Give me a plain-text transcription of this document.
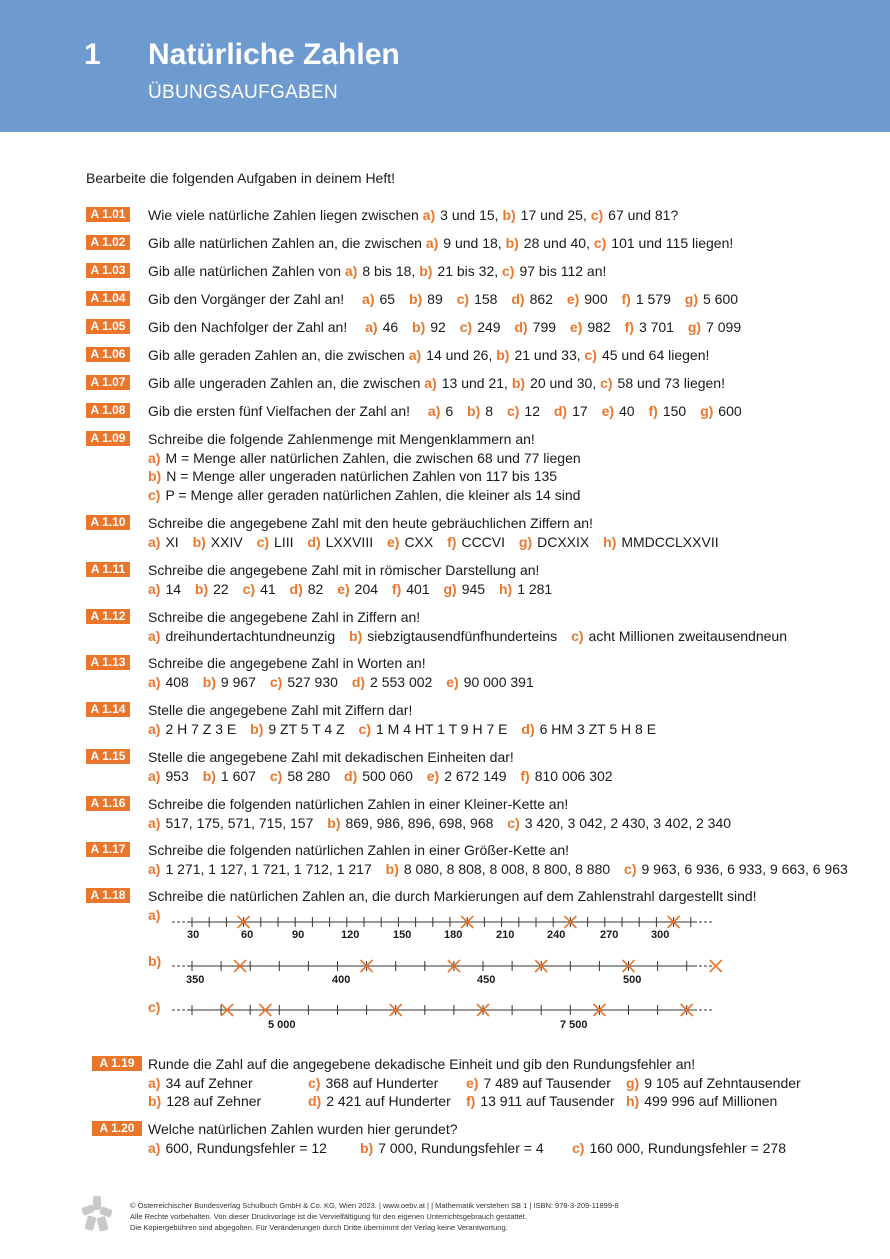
1 Natürliche Zahlen
ÜBUNGSAUFGABEN
Bearbeite die folgenden Aufgaben in deinem Heft!
A 1.01	Wie viele natürliche Zahlen liegen zwischen a) 3 und 15, b) 17 und 25, c) 67 und 81?
A 1.02	Gib alle natürlichen Zahlen an, die zwischen a) 9 und 18, b) 28 und 40, c) 101 und 115 liegen!
A 1.03	Gib alle natürlichen Zahlen von a) 8 bis 18, b) 21 bis 32, c) 97 bis 112 an!
A 1.04	Gib den Vorgänger der Zahl an! a) 65 b) 89 c) 158 d) 862 e) 900 f) 1 579 g) 5 600
A 1.05	Gib den Nachfolger der Zahl an! a) 46 b) 92 c) 249 d) 799 e) 982 f) 3 701 g) 7 099
A 1.06	Gib alle geraden Zahlen an, die zwischen a) 14 und 26, b) 21 und 33, c) 45 und 64 liegen!
A 1.07	Gib alle ungeraden Zahlen an, die zwischen a) 13 und 21, b) 20 und 30, c) 58 und 73 liegen!
A 1.08	Gib die ersten fünf Vielfachen der Zahl an! a) 6 b) 8 c) 12 d) 17 e) 40 f) 150 g) 600
A 1.09	Schreibe die folgende Zahlenmenge mit Mengenklammern an!
a) M = Menge aller natürlichen Zahlen, die zwischen 68 und 77 liegen
b) N = Menge aller ungeraden natürlichen Zahlen von 117 bis 135
c) P = Menge aller geraden natürlichen Zahlen, die kleiner als 14 sind
A 1.10	Schreibe die angegebene Zahl mit den heute gebräuchlichen Ziffern an!
a) XI b) XXIV c) LIII d) LXXVIII e) CXX f) CCCVI g) DCXXIX h) MMDCCLXXVII
A 1.11	Schreibe die angegebene Zahl mit in römischer Darstellung an!
a) 14 b) 22 c) 41 d) 82 e) 204 f) 401 g) 945 h) 1 281
A 1.12	Schreibe die angegebene Zahl in Ziffern an!
a) dreihundertachtundneunzig b) siebzigtausendfünfhunderteins c) acht Millionen zweitausendneun
A 1.13	Schreibe die angegebene Zahl in Worten an!
a) 408 b) 9 967 c) 527 930 d) 2 553 002 e) 90 000 391
A 1.14	Stelle die angegebene Zahl mit Ziffern dar!
a) 2 H 7 Z 3 E b) 9 ZT 5 T 4 Z c) 1 M 4 HT 1 T 9 H 7 E d) 6 HM 3 ZT 5 H 8 E
A 1.15	Stelle die angegebene Zahl mit dekadischen Einheiten dar!
a) 953 b) 1 607 c) 58 280 d) 500 060 e) 2 672 149 f) 810 006 302
A 1.16	Schreibe die folgenden natürlichen Zahlen in einer Kleiner-Kette an!
a) 517, 175, 571, 715, 157 b) 869, 986, 896, 698, 968 c) 3 420, 3 042, 2 430, 3 402, 2 340
A 1.17	Schreibe die folgenden natürlichen Zahlen in einer Größer-Kette an!
a) 1 271, 1 127, 1 721, 1 712, 1 217 b) 8 080, 8 808, 8 008, 8 800, 8 880 c) 9 963, 6 936, 6 933, 9 663, 6 963
A 1.18	Schreibe die natürlichen Zahlen an, die durch Markierungen auf dem Zahlenstrahl dargestellt sind!
a)
30	60	90	120	150	180	210	240	270	300
b)
350	400	450	500
c)
5 000	7 500
A 1.19 Runde die Zahl auf die angegebene dekadische Einheit und gib den Rundungsfehler an!
a) 34 auf Zehner	c) 368 auf Hunderter	e) 7 489 auf Tausender	g) 9 105 auf Zehntausender
b) 128 auf Zehner	d) 2 421 auf Hunderter	f) 13 911 auf Tausender h) 499 996 auf Millionen
A 1.20 Welche natürlichen Zahlen wurden hier gerundet?
a) 600, Rundungsfehler = 12	b) 7 000, Rundungsfehler = 4	c) 160 000, Rundungsfehler = 278
© Österreichischer Bundesverlag Schulbuch GmbH & Co. KG, Wien 2023. | www.oebv.at | | Mathematik verstehen SB 1 | ISBN: 978-3-209-11899-8
Alle Rechte vorbehalten. Von dieser Druckvorlage ist die Vervielfältigung für den eigenen Unterrichtsgebrauch gestattet.
Die Kopiergebühren sind abgegolten. Für Veränderungen durch Dritte übernimmt der Verlag keine Verantwortung.
